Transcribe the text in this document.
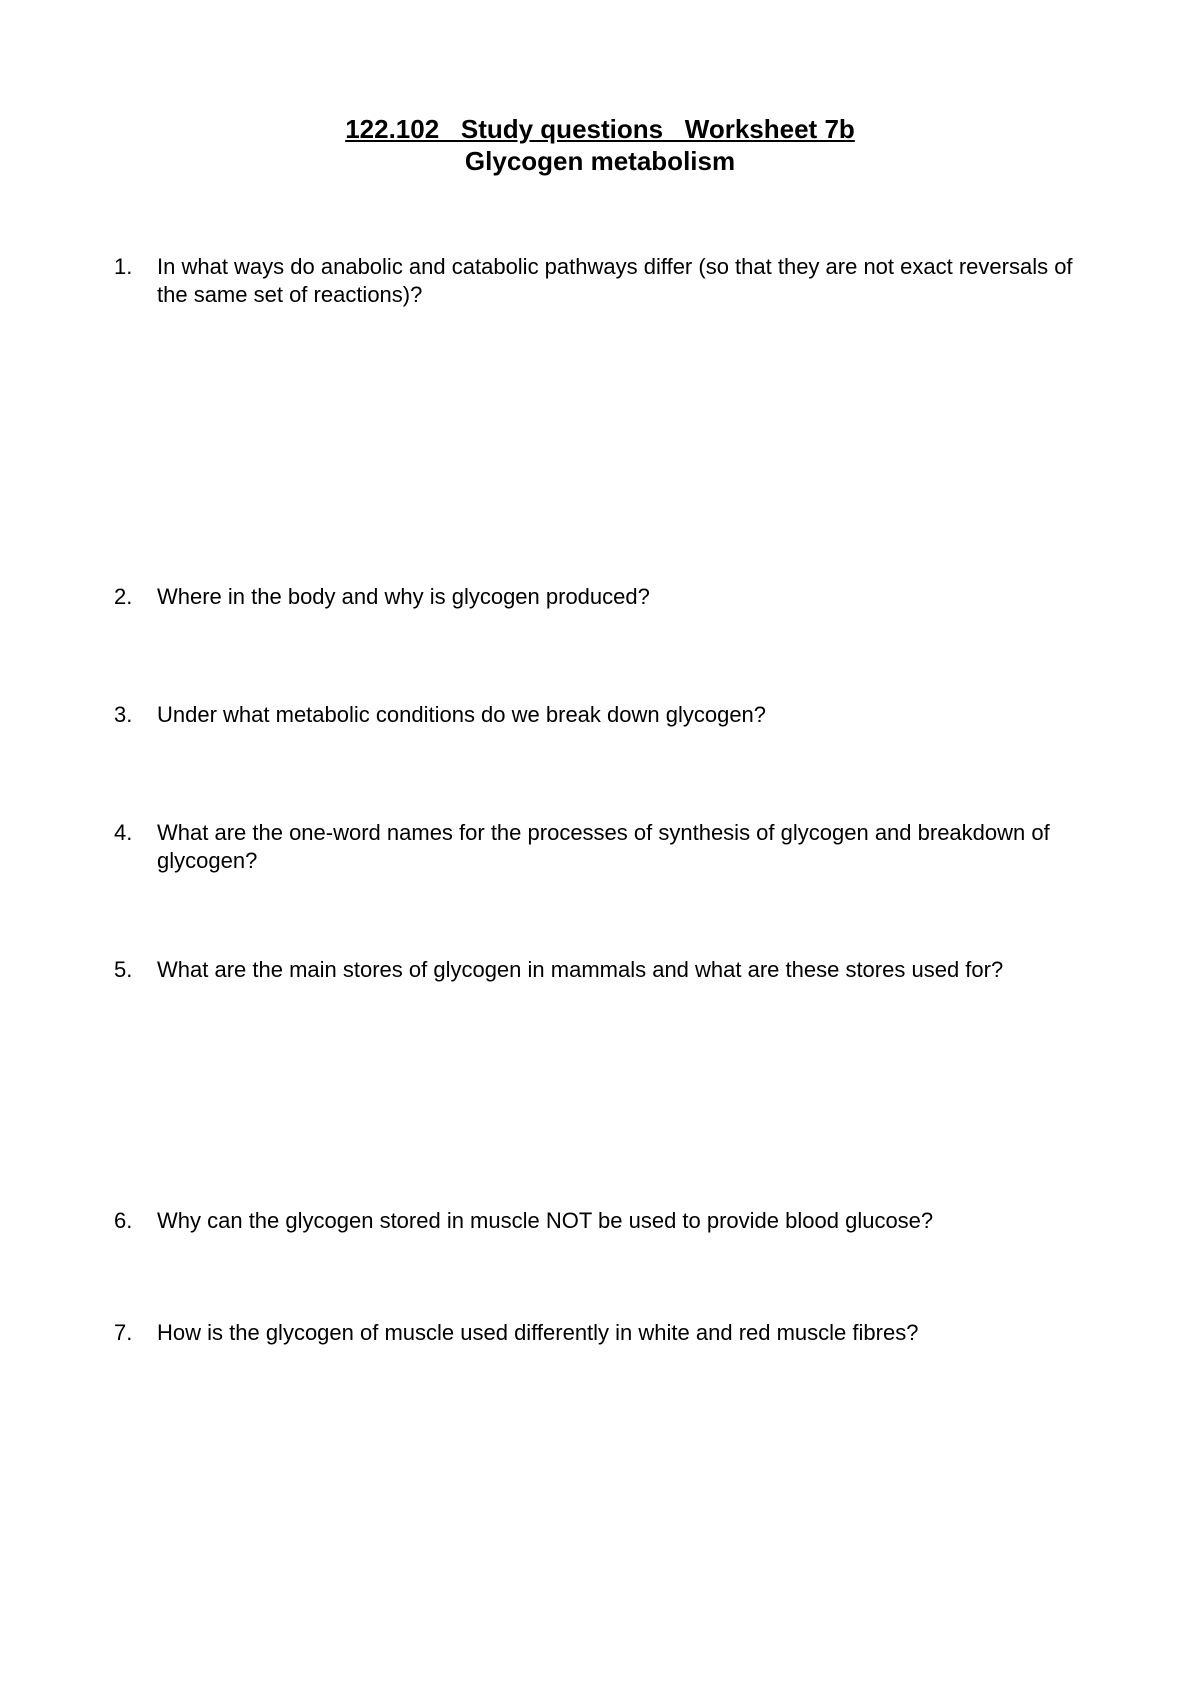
122.102   Study questions   Worksheet 7b
Glycogen metabolism
1.	In what ways do anabolic and catabolic pathways differ (so that they are not exact reversals of the same set of reactions)?
2.	Where in the body and why is glycogen produced?
3.	Under what metabolic conditions do we break down glycogen?
4.	What are the one-word names for the processes of synthesis of glycogen and breakdown of glycogen?
5.	What are the main stores of glycogen in mammals and what are these stores used for?
6.	Why can the glycogen stored in muscle NOT be used to provide blood glucose?
7.	How is the glycogen of muscle used differently in white and red muscle fibres?
